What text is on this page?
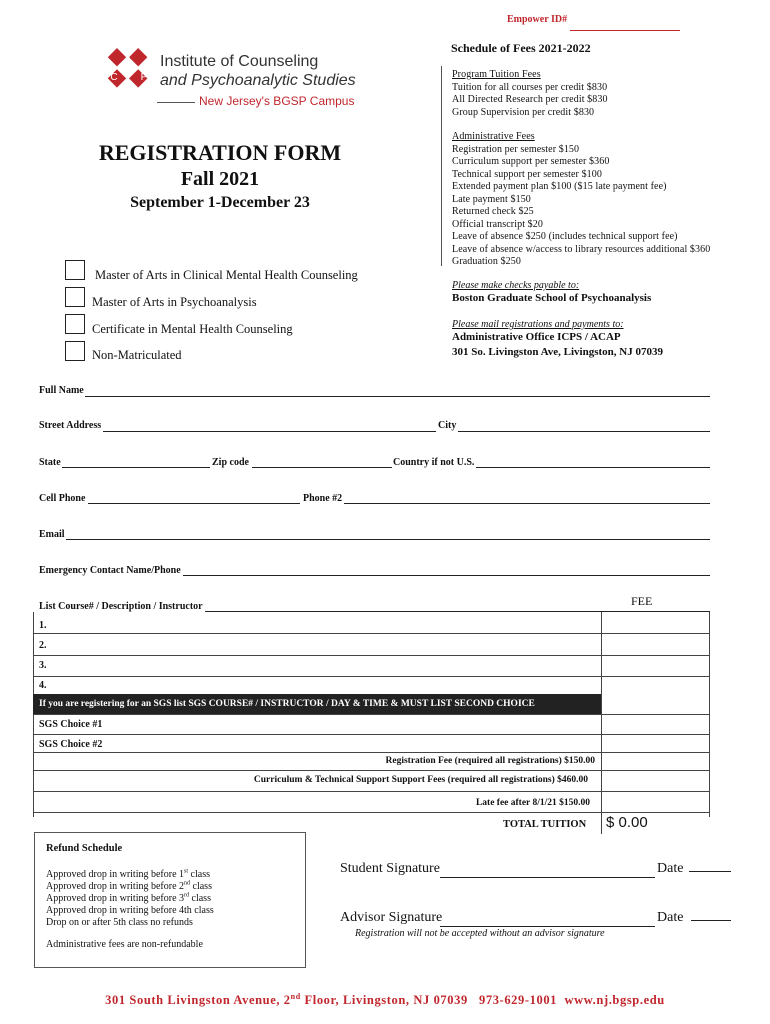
Empower ID#
I
C P
S
Institute of Counseling
and Psychoanalytic Studies
New Jersey's BGSP Campus
REGISTRATION FORM
Fall 2021
September 1-December 23
Schedule of Fees 2021-2022

Program Tuition Fees

Tuition for all courses per credit $830

All Directed Research per credit $830

Group Supervision per credit $830

Administrative Fees

Registration per semester $150

Curriculum support per semester $360

Technical support per semester $100

Extended payment plan $100 ($15 late payment fee)

Late payment $150

Returned check $25

Official transcript $20

Leave of absence $250 (includes technical support fee)

Leave of absence w/access to library resources additional $360

Graduation $250

Please make checks payable to:
Boston Graduate School of Psychoanalysis
Please mail registrations and payments to:
Administrative Office ICPS / ACAP
301 So. Livingston Ave, Livingston, NJ 07039
Master of Arts in Clinical Mental Health Counseling
Master of Arts in Psychoanalysis
Certificate in Mental Health Counseling
Non-Matriculated
Full Name
Street Address	City
State	Zip code	Country if not U.S.
Cell Phone	Phone #2
Email
Emergency Contact Name/Phone
List Course# / Description / Instructor	FEE
1.
2.
3.
4.
If you are registering for an SGS list SGS COURSE# / INSTRUCTOR / DAY & TIME & MUST LIST SECOND CHOICE
SGS Choice #1
SGS Choice #2
Registration Fee (required all registrations) $150.00
Curriculum & Technical Support Support Fees (required all registrations) $460.00
Late fee after 8/1/21 $150.00
TOTAL TUITION $ 0.00
Refund Schedule

Approved drop in writing before 1st class

Approved drop in writing before 2nd class

Approved drop in writing before 3rd class

Approved drop in writing before 4th class

Drop on or after 5th class no refunds

Administrative fees are non-refundable
Student Signature	Date
Advisor Signature	Date
Registration will not be accepted without an advisor signature
301 South Livingston Avenue, 2nd Floor, Livingston, NJ 07039   973-629-1001  www.nj.bgsp.edu
